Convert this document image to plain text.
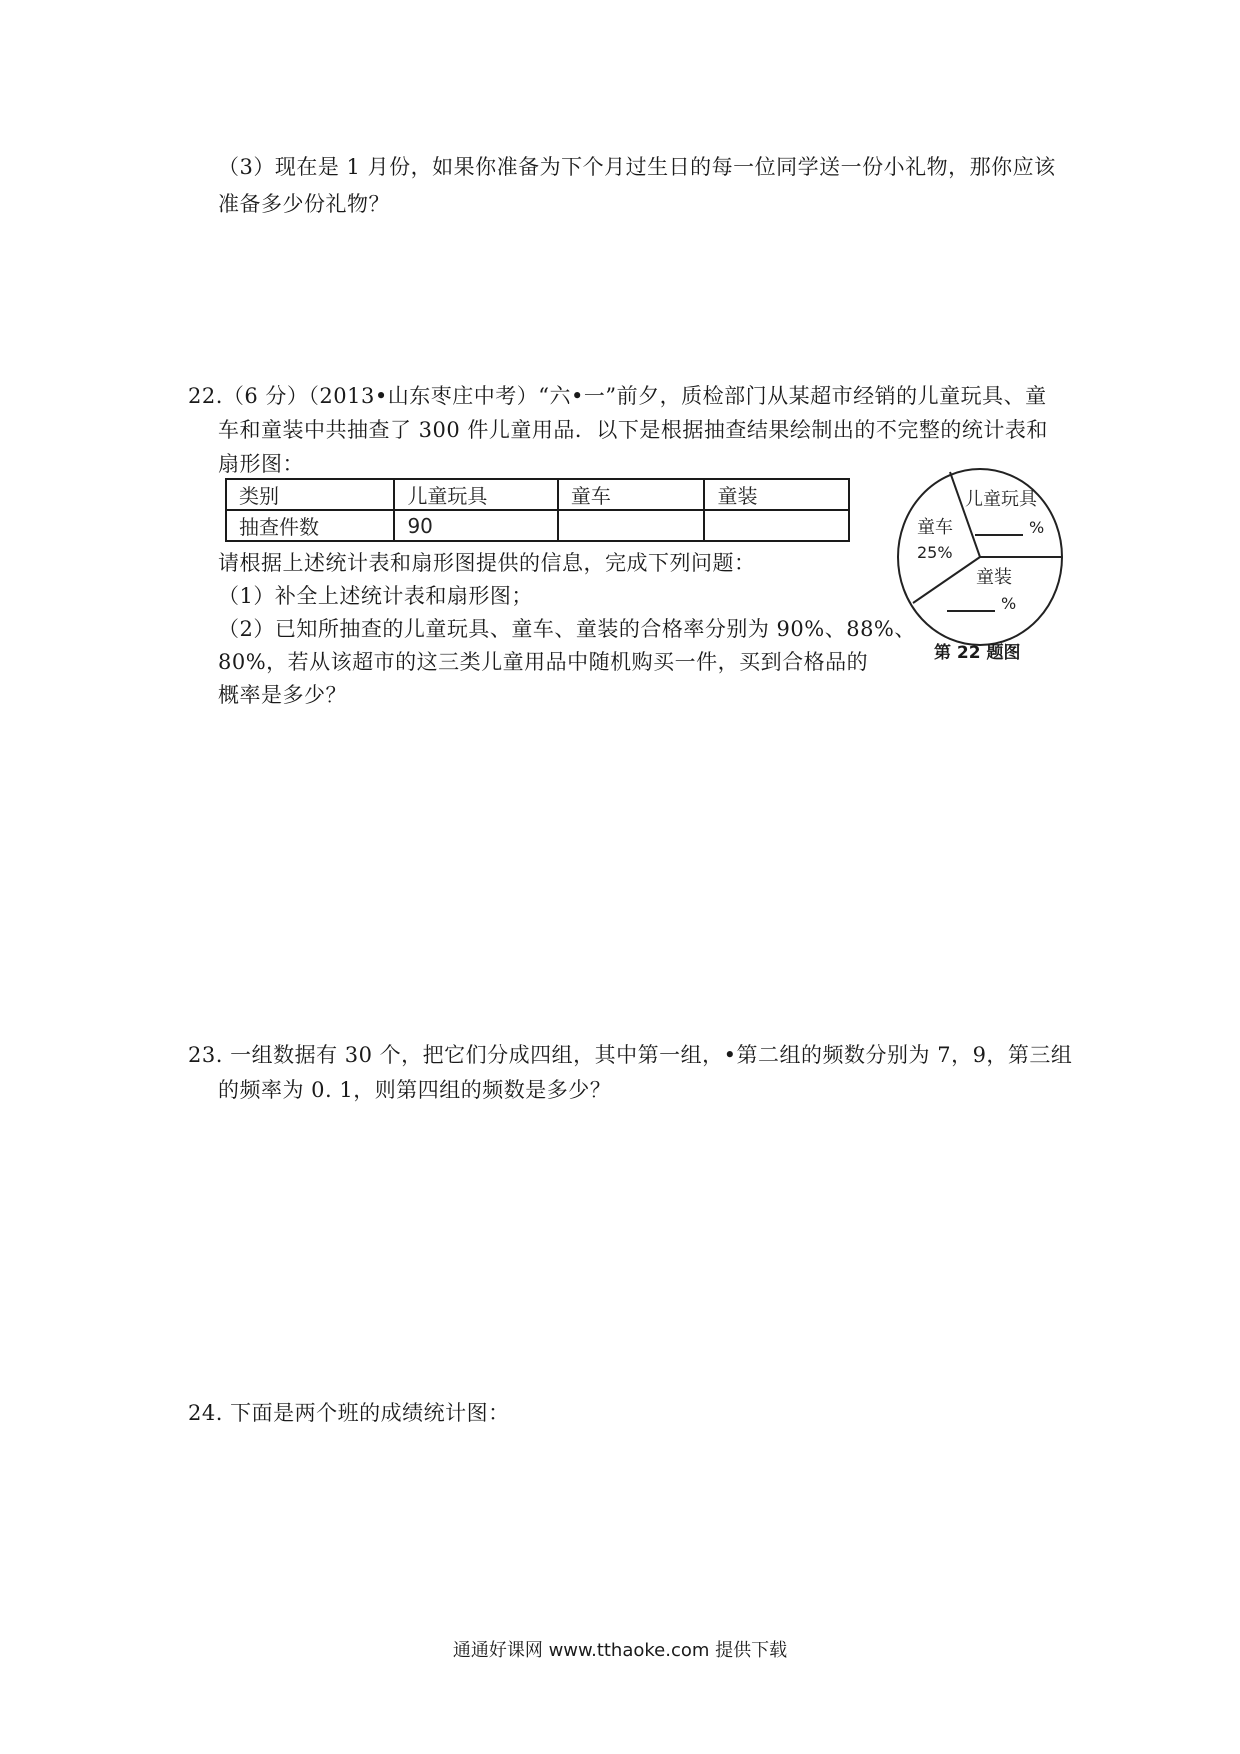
（3）现在是 1 月份，如果你准备为下个月过生日的每一位同学送一份小礼物，那你应该
准备多少份礼物？
22.（6 分）（2013•山东枣庄中考）“六•一”前夕，质检部门从某超市经销的儿童玩具、童
车和童装中共抽查了 300 件儿童用品．以下是根据抽查结果绘制出的不完整的统计表和
扇形图：
类别	儿童玩具	童车	童装
抽查件数	90		
儿童玩具
%
童车
25%
童装
%
第 22 题图
请根据上述统计表和扇形图提供的信息，完成下列问题：
（1）补全上述统计表和扇形图；
（2）已知所抽查的儿童玩具、童车、童装的合格率分别为 90%、88%、
80%，若从该超市的这三类儿童用品中随机购买一件，买到合格品的
概率是多少？
23. 一组数据有 30 个，把它们分成四组，其中第一组，•第二组的频数分别为 7，9，第三组
的频率为 0. 1，则第四组的频数是多少？
24. 下面是两个班的成绩统计图：
通通好课网 www.tthaoke.com 提供下载
